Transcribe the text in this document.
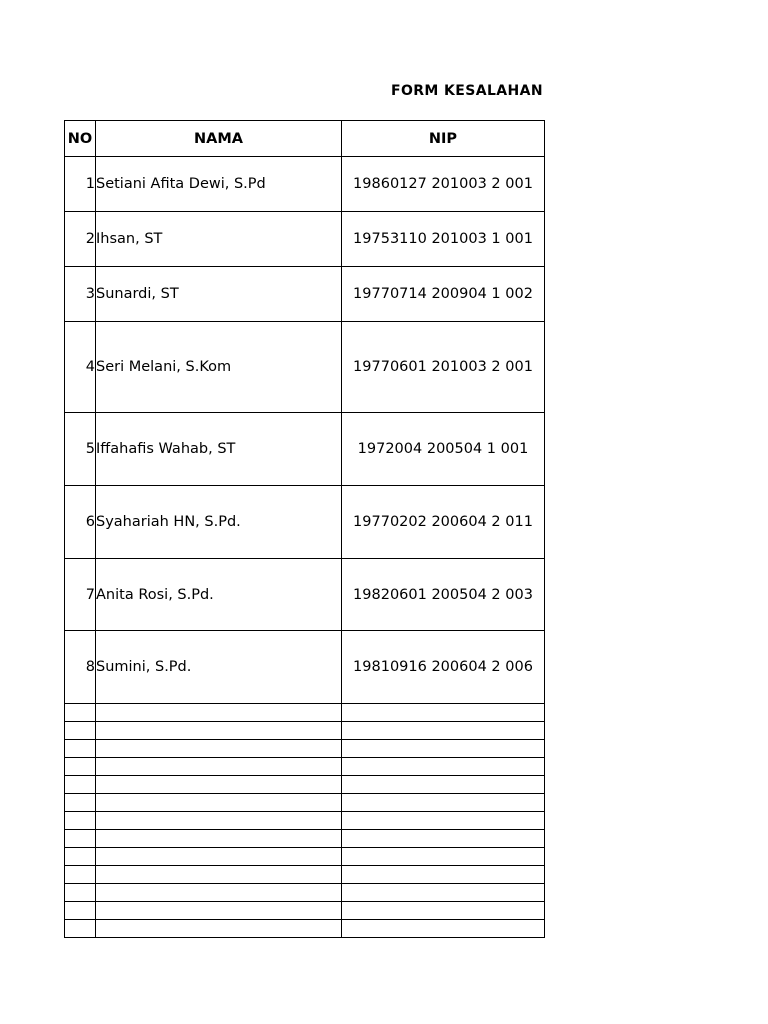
FORM KESALAHAN
NO	NAMA	NIP
1	Setiani Afita Dewi, S.Pd	19860127 201003 2 001
2	Ihsan, ST	19753110 201003 1 001
3	Sunardi, ST	19770714 200904 1 002
4	Seri Melani, S.Kom	19770601 201003 2 001
5	Iffahafis Wahab, ST	1972004 200504 1 001
6	Syahariah HN, S.Pd.	19770202 200604 2 011
7	Anita Rosi, S.Pd.	19820601 200504 2 003
8	Sumini, S.Pd.	19810916 200604 2 006
